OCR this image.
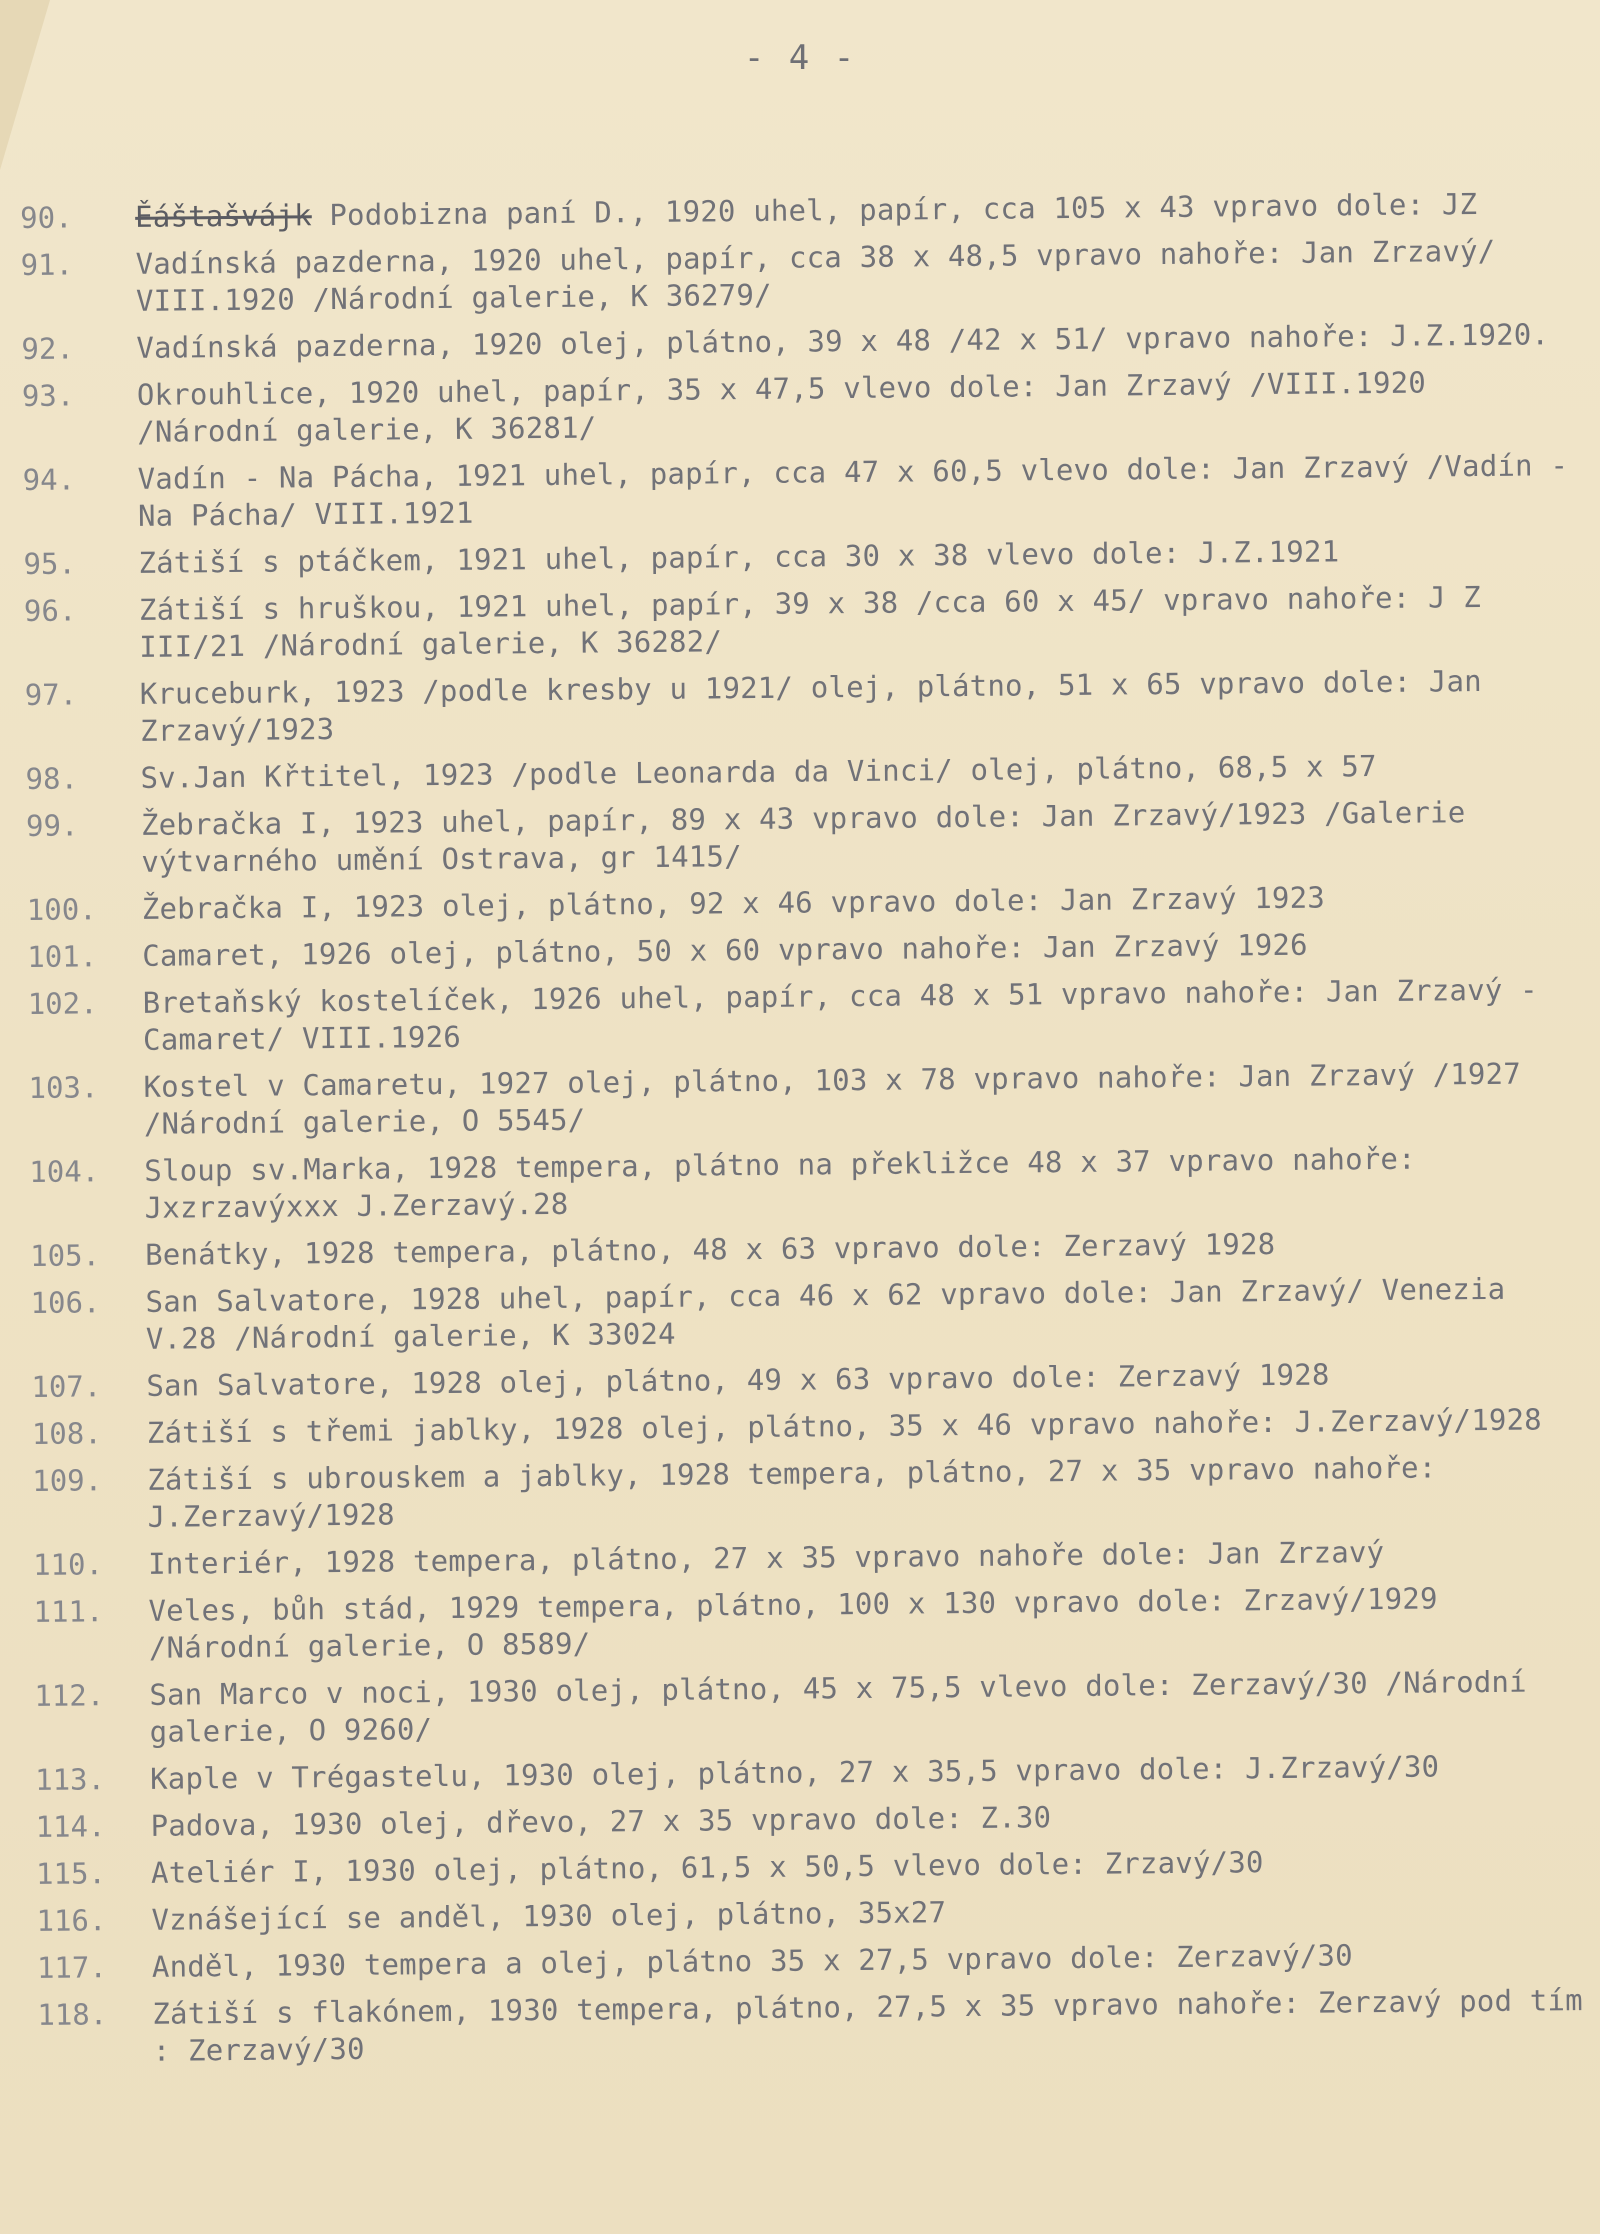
- 4 -
90.	Ěáštašvájk Podobizna paní D., 1920 uhel, papír, cca 105 x 43 vpravo dole: JZ
91.	Vadínská pazderna, 1920 uhel, papír, cca 38 x 48,5 vpravo nahoře: Jan Zrzavý/ VIII.1920 /Národní galerie, K 36279/
92.	Vadínská pazderna, 1920 olej, plátno, 39 x 48 /42 x 51/ vpravo nahoře: J.Z.1920.
93.	Okrouhlice, 1920 uhel, papír, 35 x 47,5 vlevo dole: Jan Zrzavý /VIII.1920 /Národní galerie, K 36281/
94.	Vadín - Na Pácha, 1921 uhel, papír, cca 47 x 60,5 vlevo dole: Jan Zrzavý /Vadín - Na Pácha/ VIII.1921
95.	Zátiší s ptáčkem, 1921 uhel, papír, cca 30 x 38 vlevo dole: J.Z.1921
96.	Zátiší s hruškou, 1921 uhel, papír, 39 x 38 /cca 60 x 45/ vpravo nahoře: J Z III/21 /Národní galerie, K 36282/
97.	Kruceburk, 1923 /podle kresby u 1921/ olej, plátno, 51 x 65 vpravo dole: Jan Zrzavý/1923
98.	Sv.Jan Křtitel, 1923 /podle Leonarda da Vinci/ olej, plátno, 68,5 x 57
99.	Žebračka I, 1923 uhel, papír, 89 x 43 vpravo dole: Jan Zrzavý/1923 /Galerie výtvarného umění Ostrava, gr 1415/
100.	Žebračka I, 1923 olej, plátno, 92 x 46 vpravo dole: Jan Zrzavý 1923
101.	Camaret, 1926 olej, plátno, 50 x 60 vpravo nahoře: Jan Zrzavý 1926
102.	Bretaňský kostelíček, 1926 uhel, papír, cca 48 x 51 vpravo nahoře: Jan Zrzavý - Camaret/ VIII.1926
103.	Kostel v Camaretu, 1927 olej, plátno, 103 x 78 vpravo nahoře: Jan Zrzavý /1927 /Národní galerie, O 5545/
104.	Sloup sv.Marka, 1928 tempera, plátno na překližce 48 x 37 vpravo nahoře: Jxzrzavýxxx J.Zerzavý.28
105.	Benátky, 1928 tempera, plátno, 48 x 63 vpravo dole: Zerzavý 1928
106.	San Salvatore, 1928 uhel, papír, cca 46 x 62 vpravo dole: Jan Zrzavý/ Venezia V.28 /Národní galerie, K 33024
107.	San Salvatore, 1928 olej, plátno, 49 x 63 vpravo dole: Zerzavý 1928
108.	Zátiší s třemi jablky, 1928 olej, plátno, 35 x 46 vpravo nahoře: J.Zerzavý/1928
109.	Zátiší s ubrouskem a jablky, 1928 tempera, plátno, 27 x 35 vpravo nahoře: J.Zerzavý/1928
110.	Interiér, 1928 tempera, plátno, 27 x 35 vpravo nahoře dole: Jan Zrzavý
111.	Veles, bůh stád, 1929 tempera, plátno, 100 x 130 vpravo dole: Zrzavý/1929 /Národní galerie, O 8589/
112.	San Marco v noci, 1930 olej, plátno, 45 x 75,5 vlevo dole: Zerzavý/30 /Národní galerie, O 9260/
113.	Kaple v Trégastelu, 1930 olej, plátno, 27 x 35,5 vpravo dole: J.Zrzavý/30
114.	Padova, 1930 olej, dřevo, 27 x 35 vpravo dole: Z.30
115.	Ateliér I, 1930 olej, plátno, 61,5 x 50,5 vlevo dole: Zrzavý/30
116.	Vznášející se anděl, 1930 olej, plátno, 35x27
117.	Anděl, 1930 tempera a olej, plátno 35 x 27,5 vpravo dole: Zerzavý/30
118.	Zátiší s flakónem, 1930 tempera, plátno, 27,5 x 35 vpravo nahoře: Zerzavý pod tím : Zerzavý/30
